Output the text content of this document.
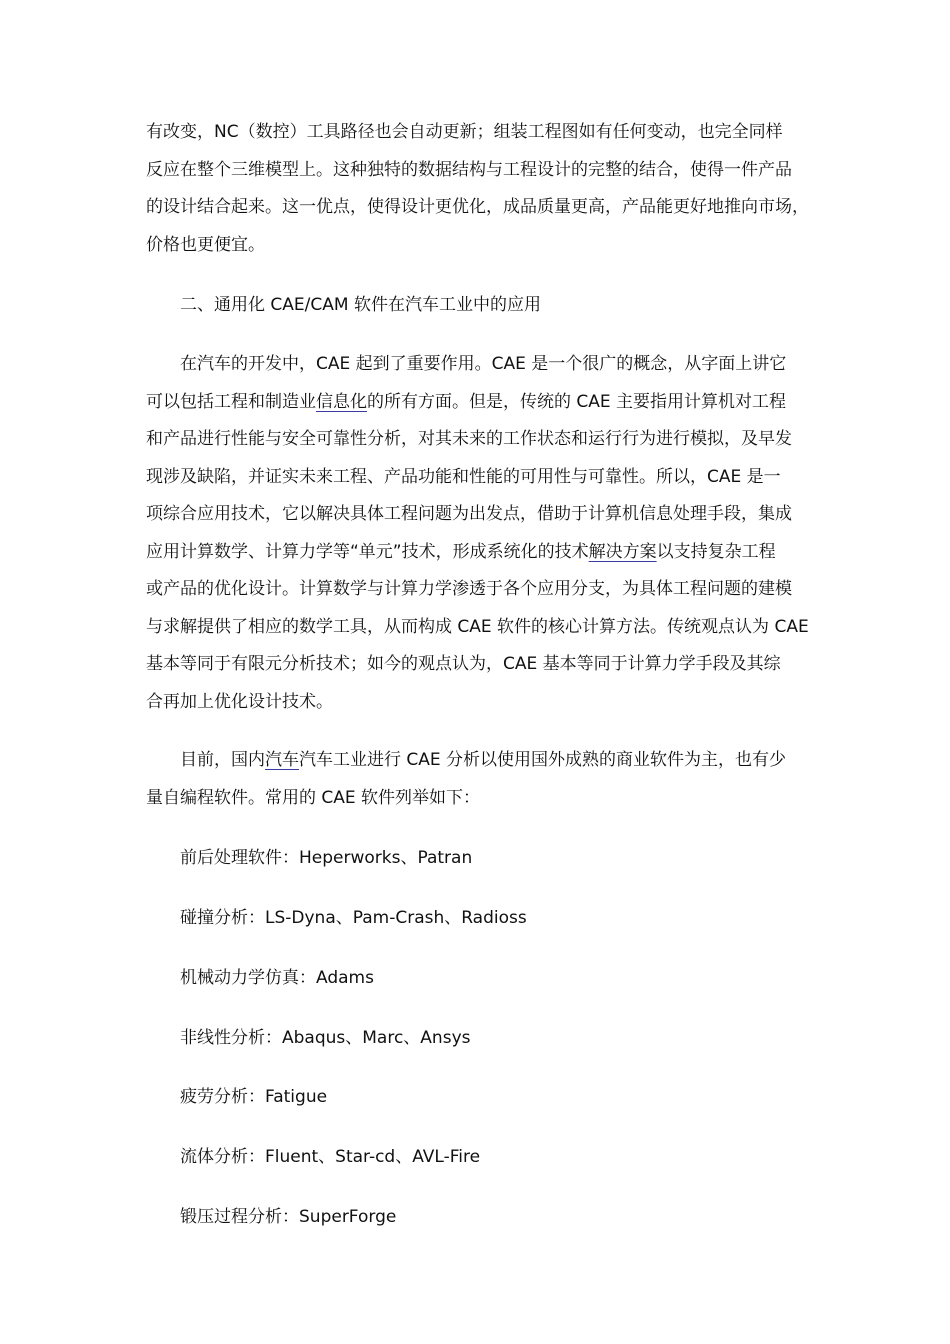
有改变，NC（数控）工具路径也会自动更新；组装工程图如有任何变动，也完全同样
反应在整个三维模型上。这种独特的数据结构与工程设计的完整的结合，使得一件产品
的设计结合起来。这一优点，使得设计更优化，成品质量更高，产品能更好地推向市场，
价格也更便宜。
二、通用化 CAE/CAM 软件在汽车工业中的应用
在汽车的开发中，CAE 起到了重要作用。CAE 是一个很广的概念，从字面上讲它
可以包括工程和制造业信息化的所有方面。但是，传统的 CAE 主要指用计算机对工程
和产品进行性能与安全可靠性分析，对其未来的工作状态和运行行为进行模拟，及早发
现涉及缺陷，并证实未来工程、产品功能和性能的可用性与可靠性。所以，CAE 是一
项综合应用技术，它以解决具体工程问题为出发点，借助于计算机信息处理手段，集成
应用计算数学、计算力学等“单元”技术，形成系统化的技术解决方案以支持复杂工程
或产品的优化设计。计算数学与计算力学渗透于各个应用分支，为具体工程问题的建模
与求解提供了相应的数学工具，从而构成 CAE 软件的核心计算方法。传统观点认为 CAE
基本等同于有限元分析技术；如今的观点认为，CAE 基本等同于计算力学手段及其综
合再加上优化设计技术。
目前，国内汽车汽车工业进行 CAE 分析以使用国外成熟的商业软件为主，也有少
量自编程软件。常用的 CAE 软件列举如下：
前后处理软件：Heperworks、Patran
碰撞分析：LS-Dyna、Pam-Crash、Radioss
机械动力学仿真：Adams
非线性分析：Abaqus、Marc、Ansys
疲劳分析：Fatigue
流体分析：Fluent、Star-cd、AVL-Fire
锻压过程分析：SuperForge
